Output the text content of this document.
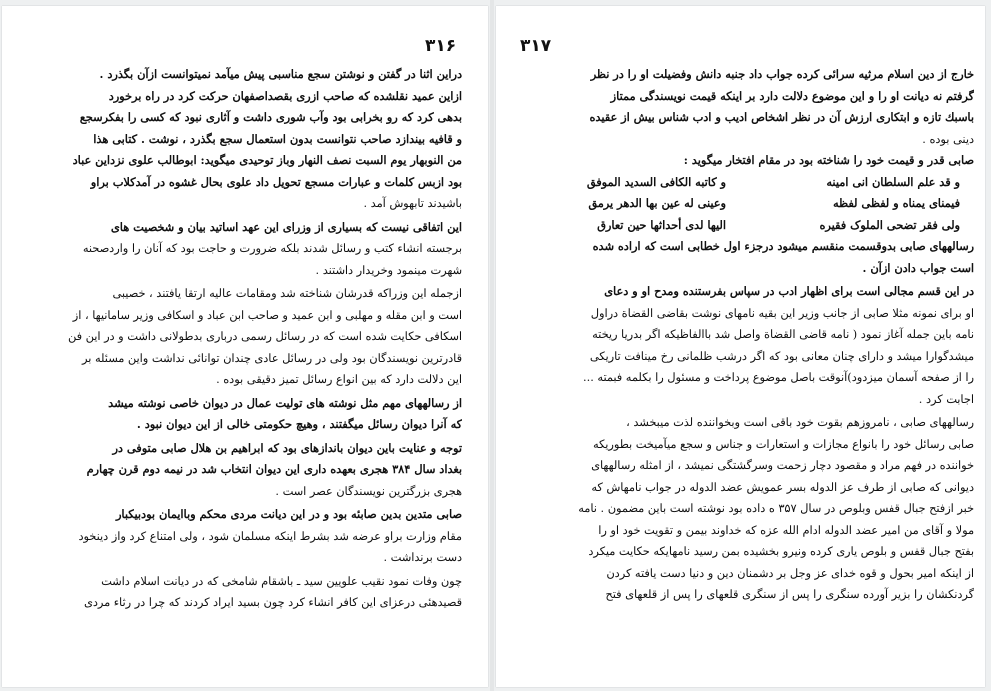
۳۱۶
دراین اثنا در گفتن و نوشتن سجع مناسبی پیش میآمد نمیتوانست ازآن بگذرد .
ازاین عمید نقلشده که صاحب ازری بقصداصفهان حرکت کرد در راه برخورد
بدهی کرد که رو بخرابی بود وآب شوری داشت و آثاری نبود که کسی را بفکرسجع
و قافیه بیندازد صاحب نتوانست بدون استعمال سجع بگذرد ، نوشت . کتابی هذا
من النوبهار یوم السبت نصف النهار وباز توحیدی میگوید: ابوطالب علوی نزداین عباد
بود ازبس کلمات و عبارات مسجع تحویل داد علوی بحال غشوه در آمدکلاب براو
باشیدند تابهوش آمد .
این اتفاقی نیست که بسیاری از وزرای این عهد اساتید بیان و شخصیت های
برجسته انشاء کتب و رسائل شدند بلکه ضرورت و حاجت بود که آنان را واردصحنه
شهرت مینمود وخریدار داشتند .
ازجمله این وزراکه قدرشان شناخته شد ومقامات عالیه ارتقا یافتند ، خصیبی
است و ابن مقله و مهلبی و ابن عمید و صاحب ابن عباد و اسکافی وزیر سامانیها ، از
اسکافی حکایت شده است که در رسائل رسمی درباری بدطولانی داشت و در این فن
قادرترین نویسندگان بود ولی در رسائل عادی چندان توانائی نداشت واین مسئله بر
این دلالت دارد که بین انواع رسائل تمیز دقیقی بوده .
از رسالههای مهم مثل نوشته های تولیت عمال در دیوان خاصی نوشته میشد
که آنرا دیوان رسائل میگفتند ، وهیچ حکومتی خالی از این دیوان نبود .
توجه و عنایت باین دیوان باندازهای بود که ابراهیم بن هلال صابی متوفی در
بغداد سال ۳۸۴ هجری بعهده داری این دیوان انتخاب شد در نیمه دوم قرن چهارم
هجری بزرگترین نویسندگان عصر است .
صابی متدین بدین صابئه بود و در این دیانت مردی محکم وباایمان بودبیکبار
مقام وزارت براو عرضه شد بشرط اینکه مسلمان شود ، ولی امتناع کرد واز دینخود
دست برنداشت .
چون وفات نمود نقیب علویین سید ـ باشقام شامخی که در دیانت اسلام داشت
قصیدهئی درعزای این کافر انشاء کرد چون بسید ایراد کردند که چرا در رثاء مردی
۳۱۷
خارج از دین اسلام مرثیه سرائی کرده جواب داد جنبه دانش وفضیلت او را در نظر
گرفتم نه دیانت او را و این موضوع دلالت دارد بر اینکه قیمت نویسندگی ممتاز
باسبك تازه و ابتکاری ارزش آن در نظر اشخاص ادیب و ادب شناس بیش از عقیده
دینی بوده .
صابی قدر و قیمت خود را شناخته بود در مقام افتخار میگوید :
و قد علم السلطان انی امینه
و کاتبه الکافی السدید الموفق
فیمنای یمناه و لفظی لفظه
وعینی له عین بها الدهر یرمق
ولی فقر تضحی الملوک فقیره
الیها لدی أحداثها حین تعارق
رسالههای صابی بدوقسمت منقسم میشود درجزء اول خطابی است که اراده شده
است جواب دادن ازآن .
در این قسم مجالی است برای اظهار ادب در سپاس بفرستنده ومدح او و دعای
او برای نمونه مثلا صابی از جانب وزیر این بقیه نامهای نوشت بقاضی القضاة دراول
نامه باین جمله آغاز نمود ( نامه قاضی القضاة واصل شد باالفاظیکه اگر بدریا ریخته
میشدگوارا میشد و دارای چنان معانی بود که اگر درشب ظلمانی رخ مینافت تاریکی
را از صفحه آسمان میزدود)آنوقت باصل موضوع پرداخت و مسئول را بکلمه فبمته ...
اجابت کرد .
رسالههای صابی ، نامروزهم بقوت خود باقی است وبخواننده لذت میبخشد ،
صابی رسائل خود را بانواع مجازات و استعارات و جناس و سجع میآمیخت بطوریکه
خواننده در فهم مراد و مقصود دچار زحمت وسرگشتگی نمیشد ، از امثله رسالههای
دیوانی که صابی از طرف عز الدوله بسر عمویش عضد الدوله در جواب نامهاش که
خبر ازفتح جبال قفس وبلوص در سال ۳۵۷ ه داده بود نوشته است باین مضمون . نامه
مولا و آقای من امیر عضد الدوله ادام الله عزه که خداوند بیمن و تقویت خود او را
بفتح جبال قفس و بلوص یاری کرده ونیرو بخشیده بمن رسید نامهایکه حکایت میکرد
از اینکه امیر بحول و قوه خدای عز وجل بر دشمنان دین و دنیا دست یافته کردن
گردنکشان را بزیر آورده سنگری را پس از سنگری قلعهای را پس از قلعهای فتح
